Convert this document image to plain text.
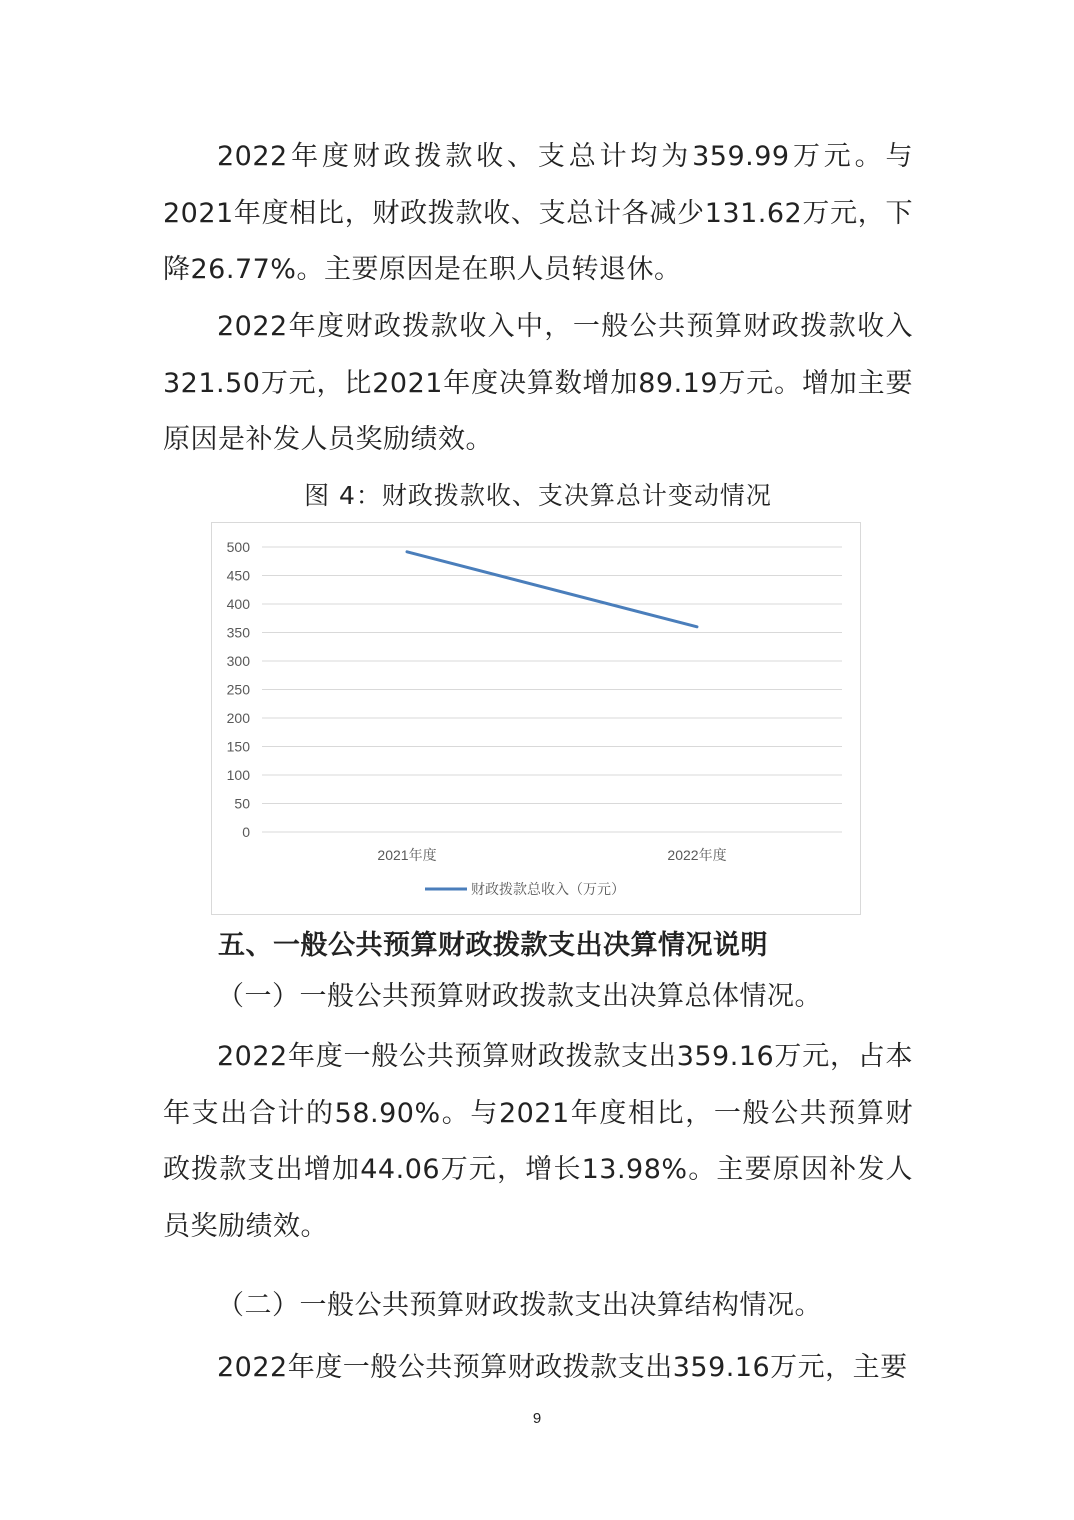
2022年度财政拨款收、支总计均为359.99万元。与2021年度相比，财政拨款收、支总计各减少131.62万元，下降26.77%。主要原因是在职人员转退休。

2022年度财政拨款收入中，一般公共预算财政拨款收入321.50万元，比2021年度决算数增加89.19万元。增加主要原因是补发人员奖励绩效。

图 4：财政拨款收、支决算总计变动情况

0
50
100
150
200
250
300
350
400
450
500
2021年度	2022年度
财政拨款总收入（万元）

五、一般公共预算财政拨款支出决算情况说明

（一）一般公共预算财政拨款支出决算总体情况。

2022年度一般公共预算财政拨款支出359.16万元，占本年支出合计的58.90%。与2021年度相比，一般公共预算财政拨款支出增加44.06万元，增长13.98%。主要原因补发人员奖励绩效。

（二）一般公共预算财政拨款支出决算结构情况。

2022年度一般公共预算财政拨款支出359.16万元，主要

9
